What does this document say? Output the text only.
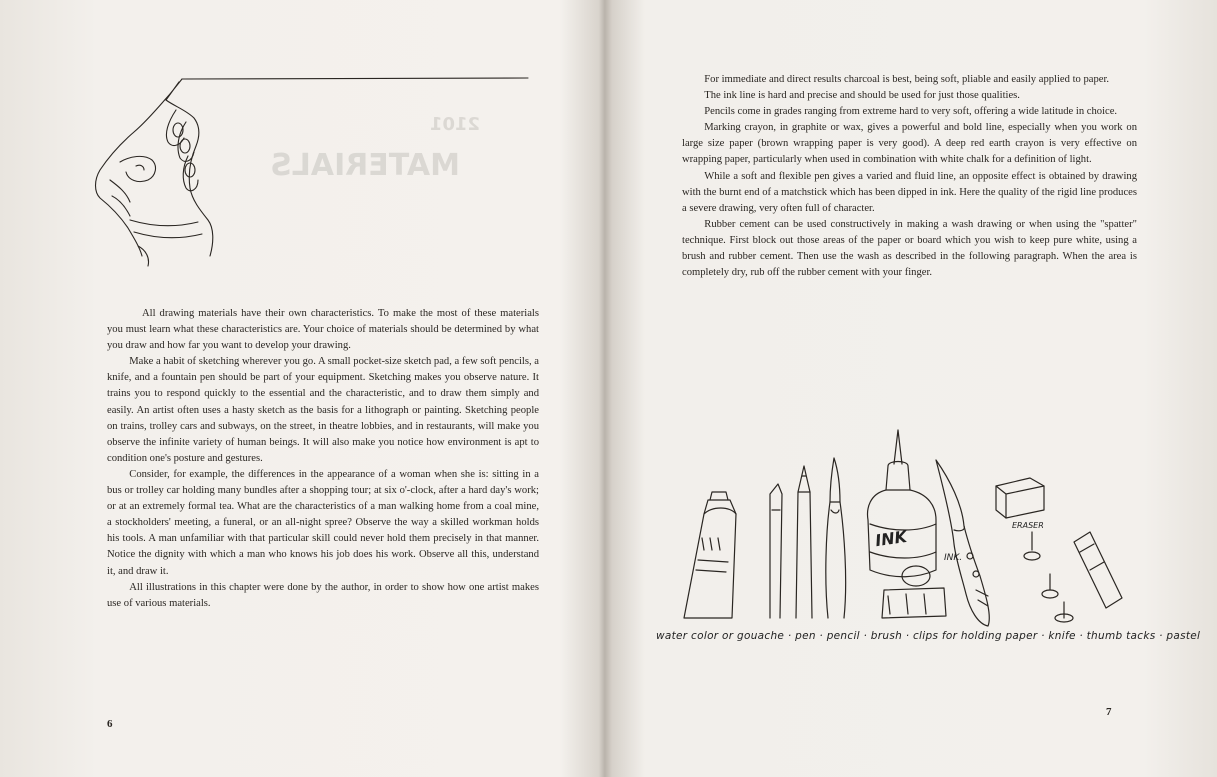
MATERIALS
2101

All drawing materials have their own characteristics. To make the most of these materials you must learn what these characteristics are. Your choice of materials should be determined by what you draw and how far you want to develop your drawing.

Make a habit of sketching wherever you go. A small pocket-size sketch pad, a few soft pencils, a knife, and a fountain pen should be part of your equipment. Sketching makes you observe nature. It trains you to respond quickly to the essential and the characteristic, and to draw them simply and easily. An artist often uses a hasty sketch as the basis for a lithograph or painting. Sketching people on trains, trolley cars and subways, on the street, in theatre lobbies, and in restaurants, will make you observe the infinite variety of human beings. It will also make you notice how environment is apt to condition one's posture and gestures.

Consider, for example, the differences in the appearance of a woman when she is: sitting in a bus or trolley car holding many bundles after a shopping tour; at six o'-clock, after a hard day's work; or at an extremely formal tea. What are the characteristics of a man walking home from a coal mine, a stockholders' meeting, a funeral, or an all-night spree? Observe the way a skilled workman holds his tools. A man unfamiliar with that particular skill could never hold them precisely in that manner. Notice the dignity with which a man who knows his job does his work. Observe all this, understand it, and draw it.

All illustrations in this chapter were done by the author, in order to show how one artist makes use of various materials.

6

For immediate and direct results charcoal is best, being soft, pliable and easily applied to paper.

The ink line is hard and precise and should be used for just those qualities.

Pencils come in grades ranging from extreme hard to very soft, offering a wide latitude in choice.

Marking crayon, in graphite or wax, gives a powerful and bold line, especially when you work on large size paper (brown wrapping paper is very good). A deep red earth crayon is very effective on wrapping paper, particularly when used in combination with white chalk for a definition of light.

While a soft and flexible pen gives a varied and fluid line, an opposite effect is obtained by drawing with the burnt end of a matchstick which has been dipped in ink. Here the quality of the rigid line produces a severe drawing, very often full of character.

Rubber cement can be used constructively in making a wash drawing or when using the "spatter" technique. First block out those areas of the paper or board which you wish to keep pure white, using a brush and rubber cement. Then use the wash as described in the following paragraph. When the area is completely dry, rub off the rubber cement with your finger.

INK
INK.
ERASER
water color or gouache · pen · pencil · brush · clips for holding paper · knife · thumb tacks · pastel
7
